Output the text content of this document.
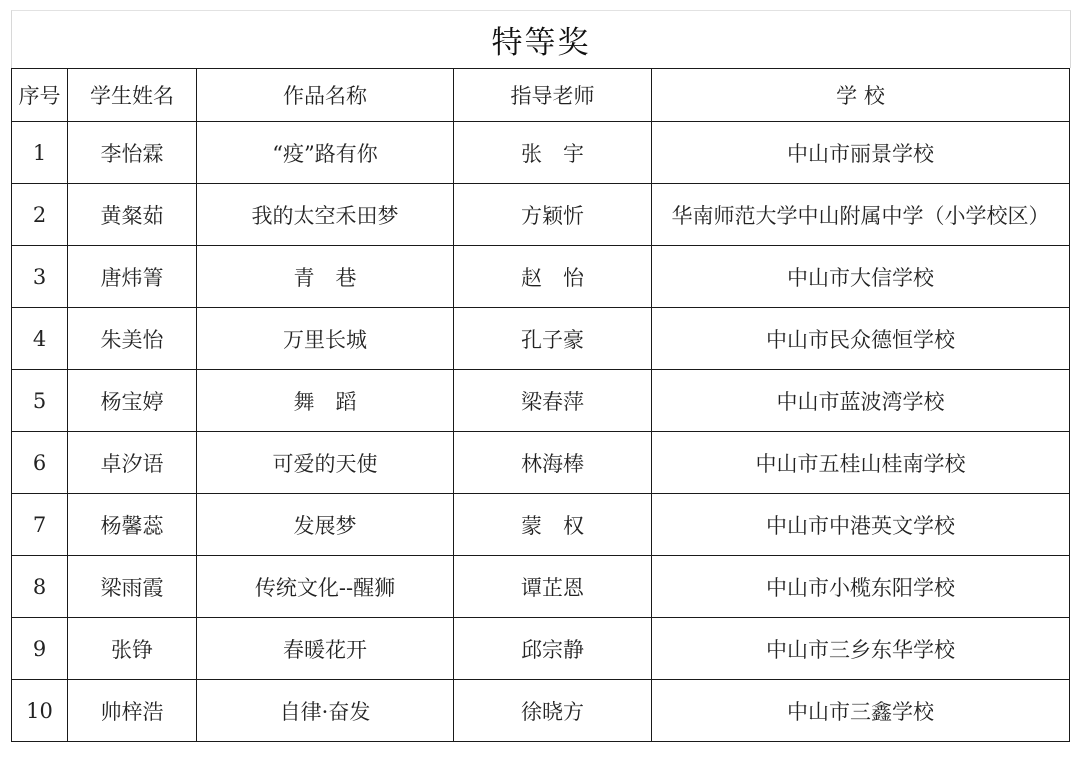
特等奖
序号	学生姓名	作品名称	指导老师	学 校
1	李怡霖	“疫”路有你	张　宇	中山市丽景学校
2	黄粲茹	我的太空禾田梦	方颖忻	华南师范大学中山附属中学（小学校区）
3	唐炜箐	青　巷	赵　怡	中山市大信学校
4	朱美怡	万里长城	孔子豪	中山市民众德恒学校
5	杨宝婷	舞　蹈	梁春萍	中山市蓝波湾学校
6	卓汐语	可爱的天使	林海棒	中山市五桂山桂南学校
7	杨馨蕊	发展梦	蒙　权	中山市中港英文学校
8	梁雨霞	传统文化--醒狮	谭芷恩	中山市小榄东阳学校
9	张铮	春暖花开	邱宗静	中山市三乡东华学校
10	帅梓浩	自律·奋发	徐晓方	中山市三鑫学校
